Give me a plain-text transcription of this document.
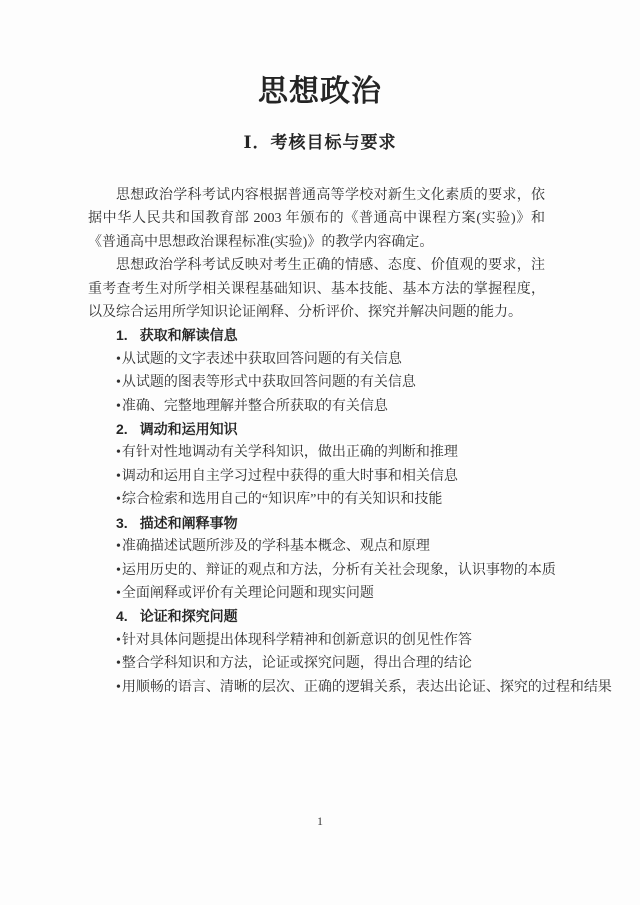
思想政治
Ⅰ．考核目标与要求

思想政治学科考试内容根据普通高等学校对新生文化素质的要求，依据中华人民共和国教育部 2003 年颁布的《普通高中课程方案(实验)》和《普通高中思想政治课程标准(实验)》的教学内容确定。

思想政治学科考试反映对考生正确的情感、态度、价值观的要求，注重考查考生对所学相关课程基础知识、基本技能、基本方法的掌握程度，以及综合运用所学知识论证阐释、分析评价、探究并解决问题的能力。

1. 获取和解读信息
•从试题的文字表述中获取回答问题的有关信息
•从试题的图表等形式中获取回答问题的有关信息
•准确、完整地理解并整合所获取的有关信息
2. 调动和运用知识
•有针对性地调动有关学科知识，做出正确的判断和推理
•调动和运用自主学习过程中获得的重大时事和相关信息
•综合检索和选用自己的“知识库”中的有关知识和技能
3. 描述和阐释事物
•准确描述试题所涉及的学科基本概念、观点和原理
•运用历史的、辩证的观点和方法，分析有关社会现象，认识事物的本质
•全面阐释或评价有关理论问题和现实问题
4. 论证和探究问题
•针对具体问题提出体现科学精神和创新意识的创见性作答
•整合学科知识和方法，论证或探究问题，得出合理的结论
•用顺畅的语言、清晰的层次、正确的逻辑关系，表达出论证、探究的过程和结果
1
